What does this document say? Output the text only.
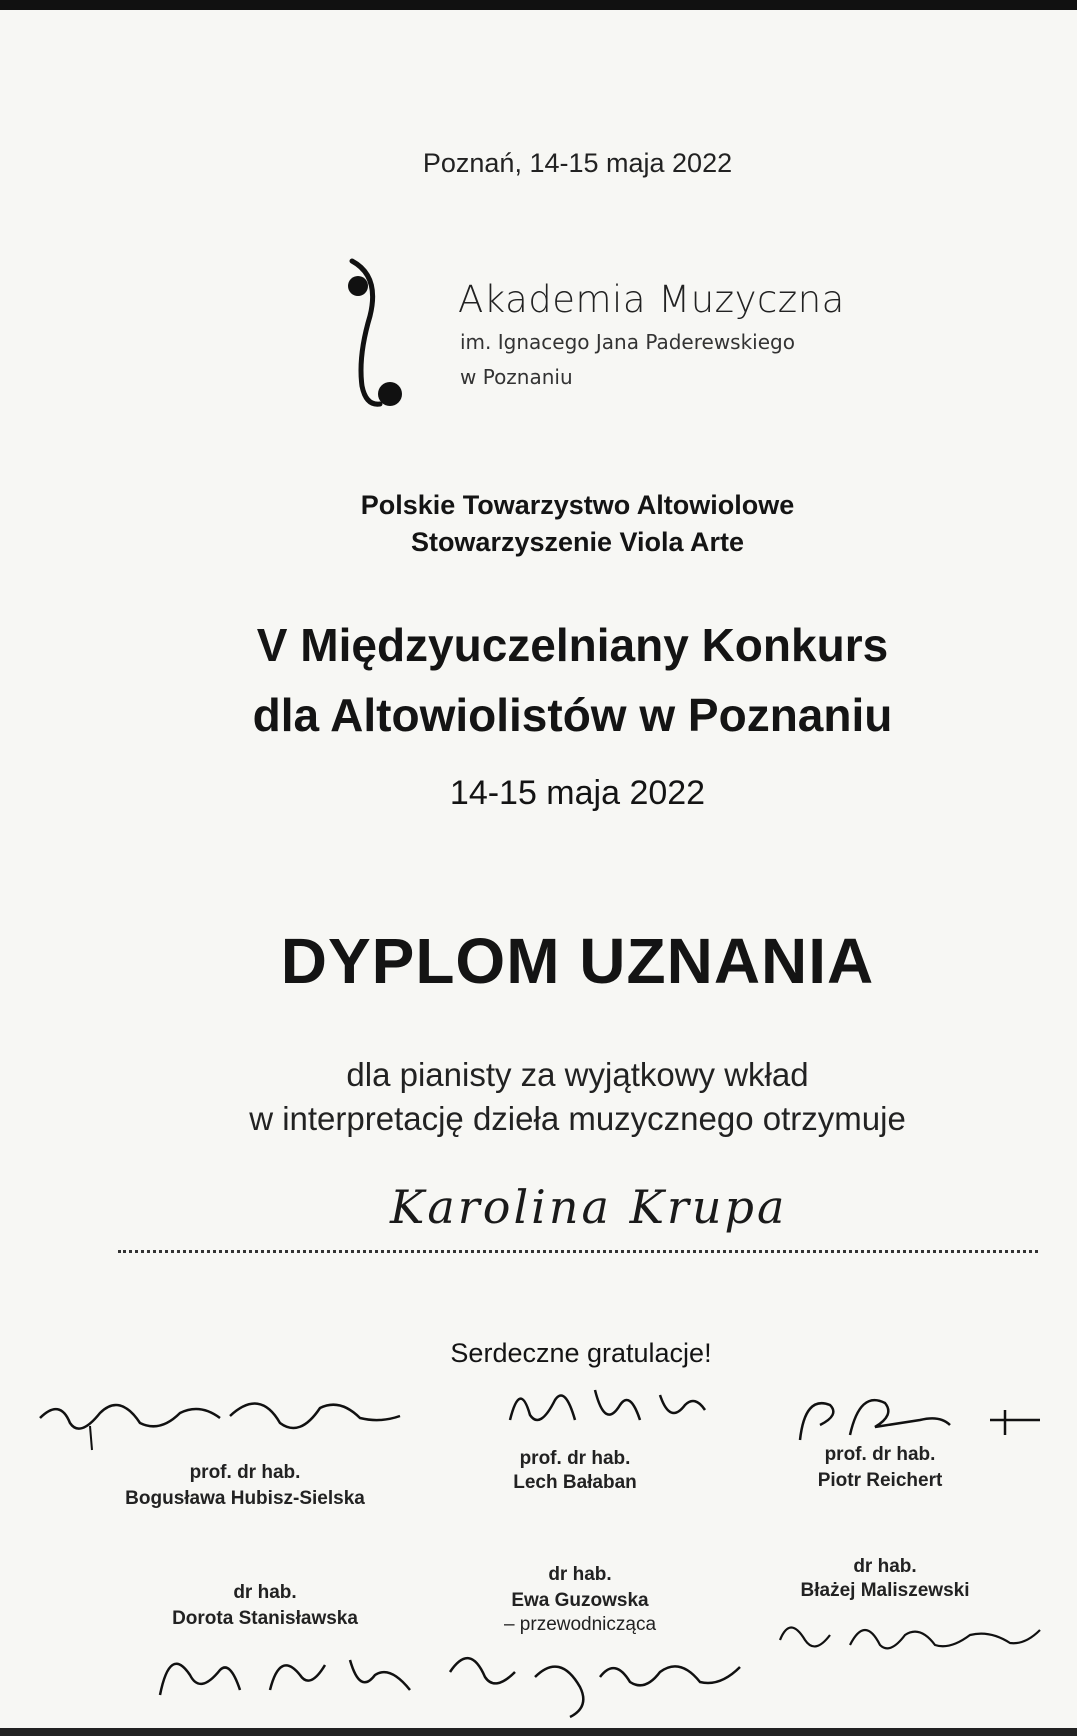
Poznań, 14-15 maja 2022

Akademia Muzyczna
im. Ignacego Jana Paderewskiego
w Poznaniu

Polskie Towarzystwo Altowiolowe

Stowarzyszenie Viola Arte

V Międzyuczelniany Konkurs
dla Altowiolistów w Poznaniu

14-15 maja 2022

DYPLOM UZNANIA

dla pianisty za wyjątkowy wkład

w interpretację dzieła muzycznego otrzymuje

Karolina Krupa

Serdeczne gratulacje!

prof. dr hab.
Bogusława Hubisz-Sielska
prof. dr hab.
Lech Bałaban
prof. dr hab.
Piotr Reichert
dr hab.
Dorota Stanisławska
dr hab.
Ewa Guzowska
– przewodnicząca
dr hab.
Błażej Maliszewski
